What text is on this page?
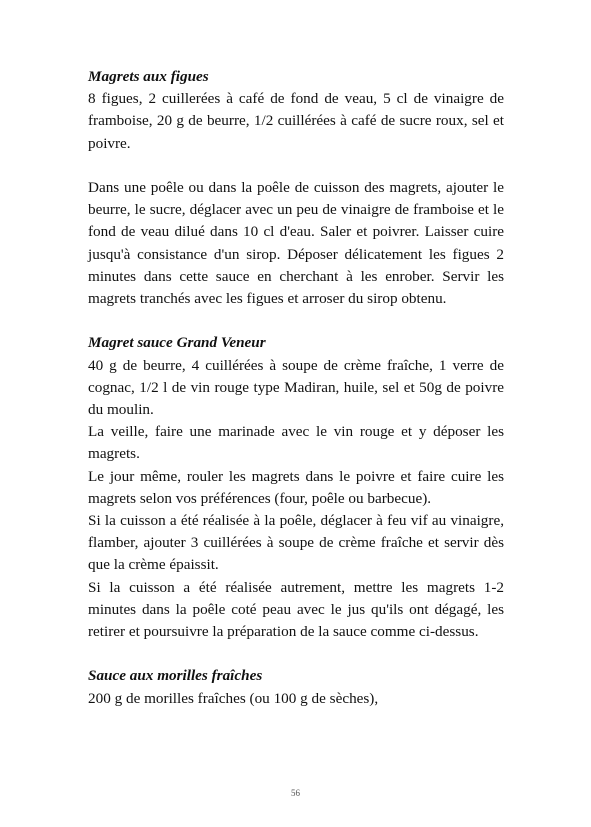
Magrets aux figues

8 figues, 2 cuillerées à café de fond de veau, 5 cl de vinaigre de framboise, 20 g de beurre, 1/2 cuillérées à café de sucre roux, sel et poivre.

Dans une poêle ou dans la poêle de cuisson des magrets, ajouter le beurre, le sucre, déglacer avec un peu de vinaigre de framboise et le fond de veau dilué dans 10 cl d'eau. Saler et poivrer. Laisser cuire jusqu'à consistance d'un sirop. Déposer délicatement les figues 2 minutes dans cette sauce en cherchant à les enrober. Servir les magrets tranchés avec les figues et arroser du sirop obtenu.

Magret sauce Grand Veneur

40 g de beurre, 4 cuillérées à soupe de crème fraîche, 1 verre de cognac, 1/2 l de vin rouge type Madiran, huile, sel et 50g de poivre du moulin.

La veille, faire une marinade avec le vin rouge et y déposer les magrets.

Le jour même, rouler les magrets dans le poivre et faire cuire les magrets selon vos préférences (four, poêle ou barbecue).

Si la cuisson a été réalisée à la poêle, déglacer à feu vif au vinaigre, flamber, ajouter 3 cuillérées à soupe de crème fraîche et servir dès que la crème épaissit.

Si la cuisson a été réalisée autrement, mettre les magrets 1-2 minutes dans la poêle coté peau avec le jus qu'ils ont dégagé, les retirer et poursuivre la préparation de la sauce comme ci-dessus.

Sauce aux morilles fraîches

200 g de morilles fraîches (ou 100 g de sèches),

56
